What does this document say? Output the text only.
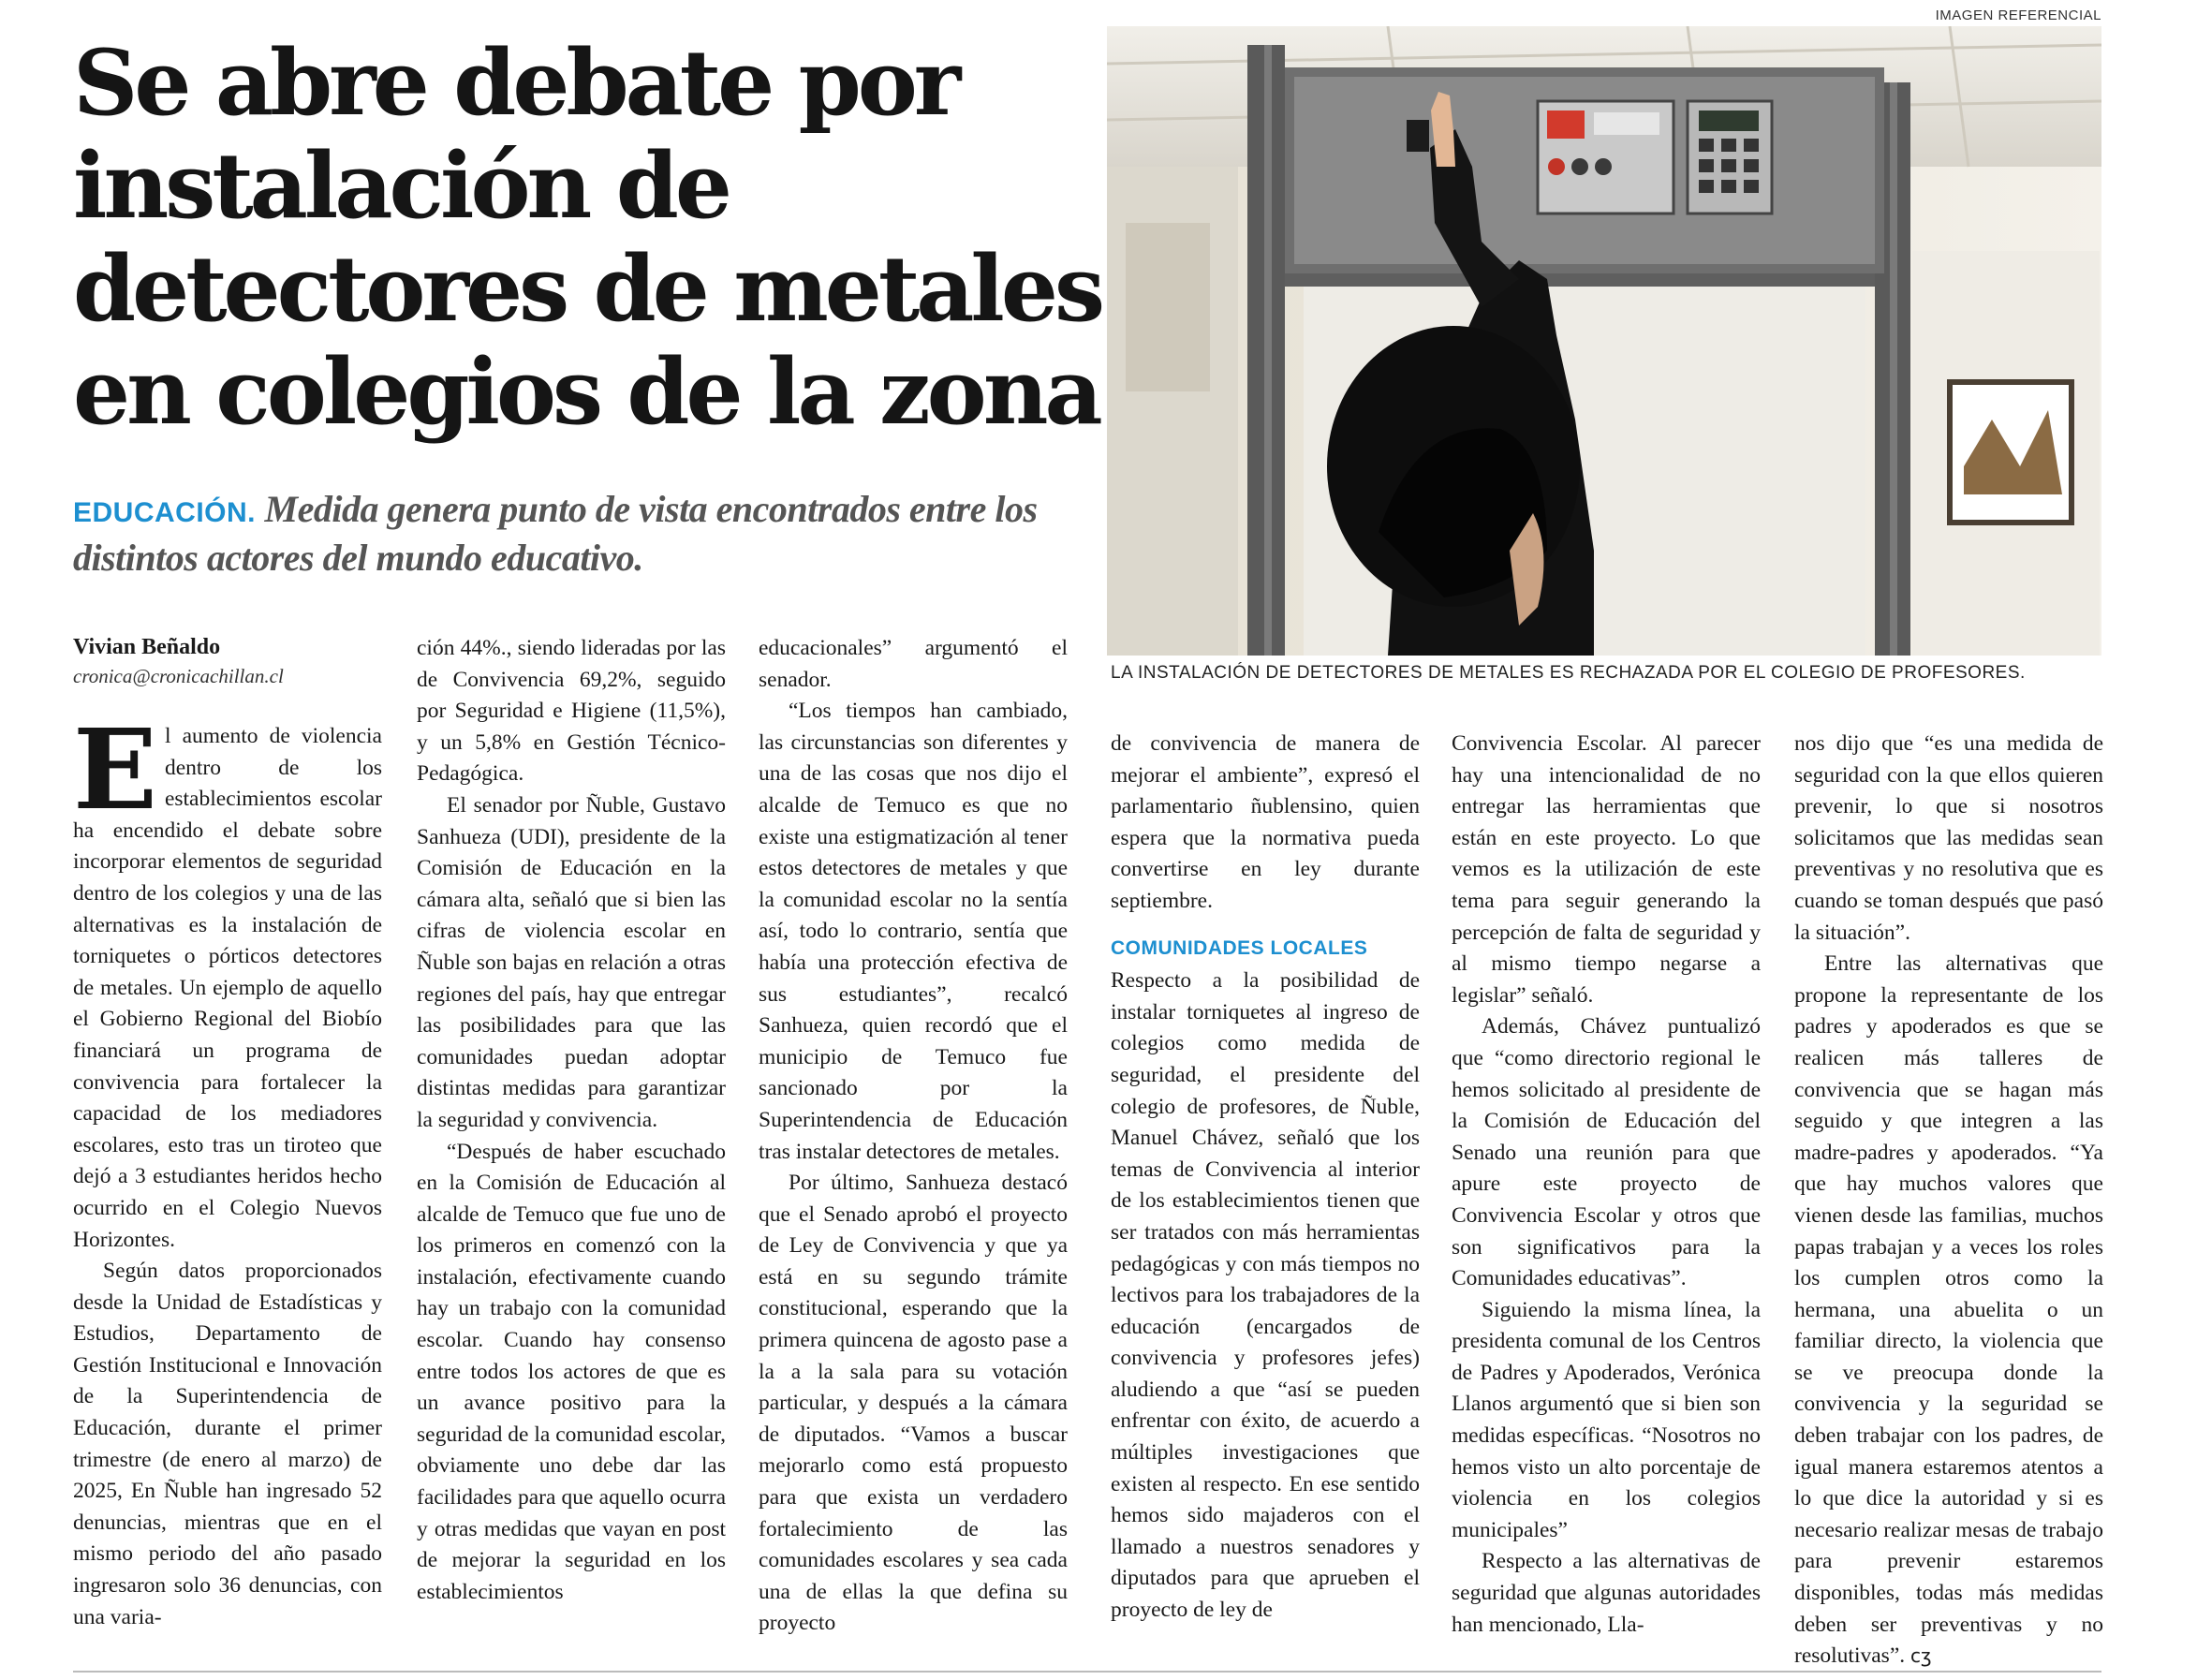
Se abre debate por
instalación de
detectores de metales
en colegios de la zona

EDUCACIÓN. Medida genera punto de vista encontrados entre los distintos actores del mundo educativo.

IMAGEN REFERENCIAL
LA INSTALACIÓN DE DETECTORES DE METALES ES RECHAZADA POR EL COLEGIO DE PROFESORES.
Vivian Beñaldo
cronica@cronicachillan.cl

El aumento de violencia dentro de los establecimientos escolar ha encendido el debate sobre incorporar elementos de seguridad dentro de los colegios y una de las alternativas es la instalación de torniquetes o pórticos detectores de metales. Un ejemplo de aquello el Gobierno Regional del Biobío financiará un programa de convivencia para fortalecer la capacidad de los mediadores escolares, esto tras un tiroteo que dejó a 3 estudiantes heridos hecho ocurrido en el Colegio Nuevos Horizontes.

Según datos proporcionados desde la Unidad de Estadísticas y Estudios, Departamento de Gestión Institucional e Innovación de la Superintendencia de Educación, durante el primer trimestre (de enero al marzo) de 2025, En Ñuble han ingresado 52 denuncias, mientras que en el mismo periodo del año pasado ingresaron solo 36 denuncias, con una varia-

ción 44%., siendo lideradas por las de Convivencia 69,2%, seguido por Seguridad e Higiene (11,5%), y un 5,8% en Gestión Técnico-Pedagógica.

El senador por Ñuble, Gustavo Sanhueza (UDI), presidente de la Comisión de Educación en la cámara alta, señaló que si bien las cifras de violencia escolar en Ñuble son bajas en relación a otras regiones del país, hay que entregar las posibilidades para que las comunidades puedan adoptar distintas medidas para garantizar la seguridad y convivencia.

“Después de haber escuchado en la Comisión de Educación al alcalde de Temuco que fue uno de los primeros en comenzó con la instalación, efectivamente cuando hay un trabajo con la comunidad escolar. Cuando hay consenso entre todos los actores de que es un avance positivo para la seguridad de la comunidad escolar, obviamente uno debe dar las facilidades para que aquello ocurra y otras medidas que vayan en post de mejorar la seguridad en los establecimientos

educacionales” argumentó el senador.

“Los tiempos han cambiado, las circunstancias son diferentes y una de las cosas que nos dijo el alcalde de Temuco es que no existe una estigmatización al tener estos detectores de metales y que la comunidad escolar no la sentía así, todo lo contrario, sentía que había una protección efectiva de sus estudiantes”, recalcó Sanhueza, quien recordó que el municipio de Temuco fue sancionado por la Superintendencia de Educación tras instalar detectores de metales.

Por último, Sanhueza destacó que el Senado aprobó el proyecto de Ley de Convivencia y que ya está en su segundo trámite constitucional, esperando que la primera quincena de agosto pase a la a la sala para su votación particular, y después a la cámara de diputados. “Vamos a buscar mejorarlo como está propuesto para que exista un verdadero fortalecimiento de las comunidades escolares y sea cada una de ellas la que defina su proyecto

de convivencia de manera de mejorar el ambiente”, expresó el parlamentario ñublensino, quien espera que la normativa pueda convertirse en ley durante septiembre.

COMUNIDADES LOCALES

Respecto a la posibilidad de instalar torniquetes al ingreso de colegios como medida de seguridad, el presidente del colegio de profesores, de Ñuble, Manuel Chávez, señaló que los temas de Convivencia al interior de los establecimientos tienen que ser tratados con más herramientas pedagógicas y con más tiempos no lectivos para los trabajadores de la educación (encargados de convivencia y profesores jefes) aludiendo a que “así se pueden enfrentar con éxito, de acuerdo a múltiples investigaciones que existen al respecto. En ese sentido hemos sido majaderos con el llamado a nuestros senadores y diputados para que aprueben el proyecto de ley de

Convivencia Escolar. Al parecer hay una intencionalidad de no entregar las herramientas que están en este proyecto. Lo que vemos es la utilización de este tema para seguir generando la percepción de falta de seguridad y al mismo tiempo negarse a legislar” señaló.

Además, Chávez puntualizó que “como directorio regional le hemos solicitado al presidente de la Comisión de Educación del Senado una reunión para que apure este proyecto de Convivencia Escolar y otros que son significativos para la Comunidades educativas”.

Siguiendo la misma línea, la presidenta comunal de los Centros de Padres y Apoderados, Verónica Llanos argumentó que si bien son medidas específicas. “Nosotros no hemos visto un alto porcentaje de violencia en los colegios municipales”

Respecto a las alternativas de seguridad que algunas autoridades han mencionado, Lla-

nos dijo que “es una medida de seguridad con la que ellos quieren prevenir, lo que si nosotros solicitamos que las medidas sean preventivas y no resolutiva que es cuando se toman después que pasó la situación”.

Entre las alternativas que propone la representante de los padres y apoderados es que se realicen más talleres de convivencia que se hagan más seguido y que integren a las madre-padres y apoderados. “Ya que hay muchos valores que vienen desde las familias, muchos papas trabajan y a veces los roles los cumplen otros como la hermana, una abuelita o un familiar directo, la violencia que se ve preocupa donde la convivencia y la seguridad se deben trabajar con los padres, de igual manera estaremos atentos a lo que dice la autoridad y si es necesario realizar mesas de trabajo para prevenir estaremos disponibles, todas más medidas deben ser preventivas y no resolutivas”. ᴄʒ
